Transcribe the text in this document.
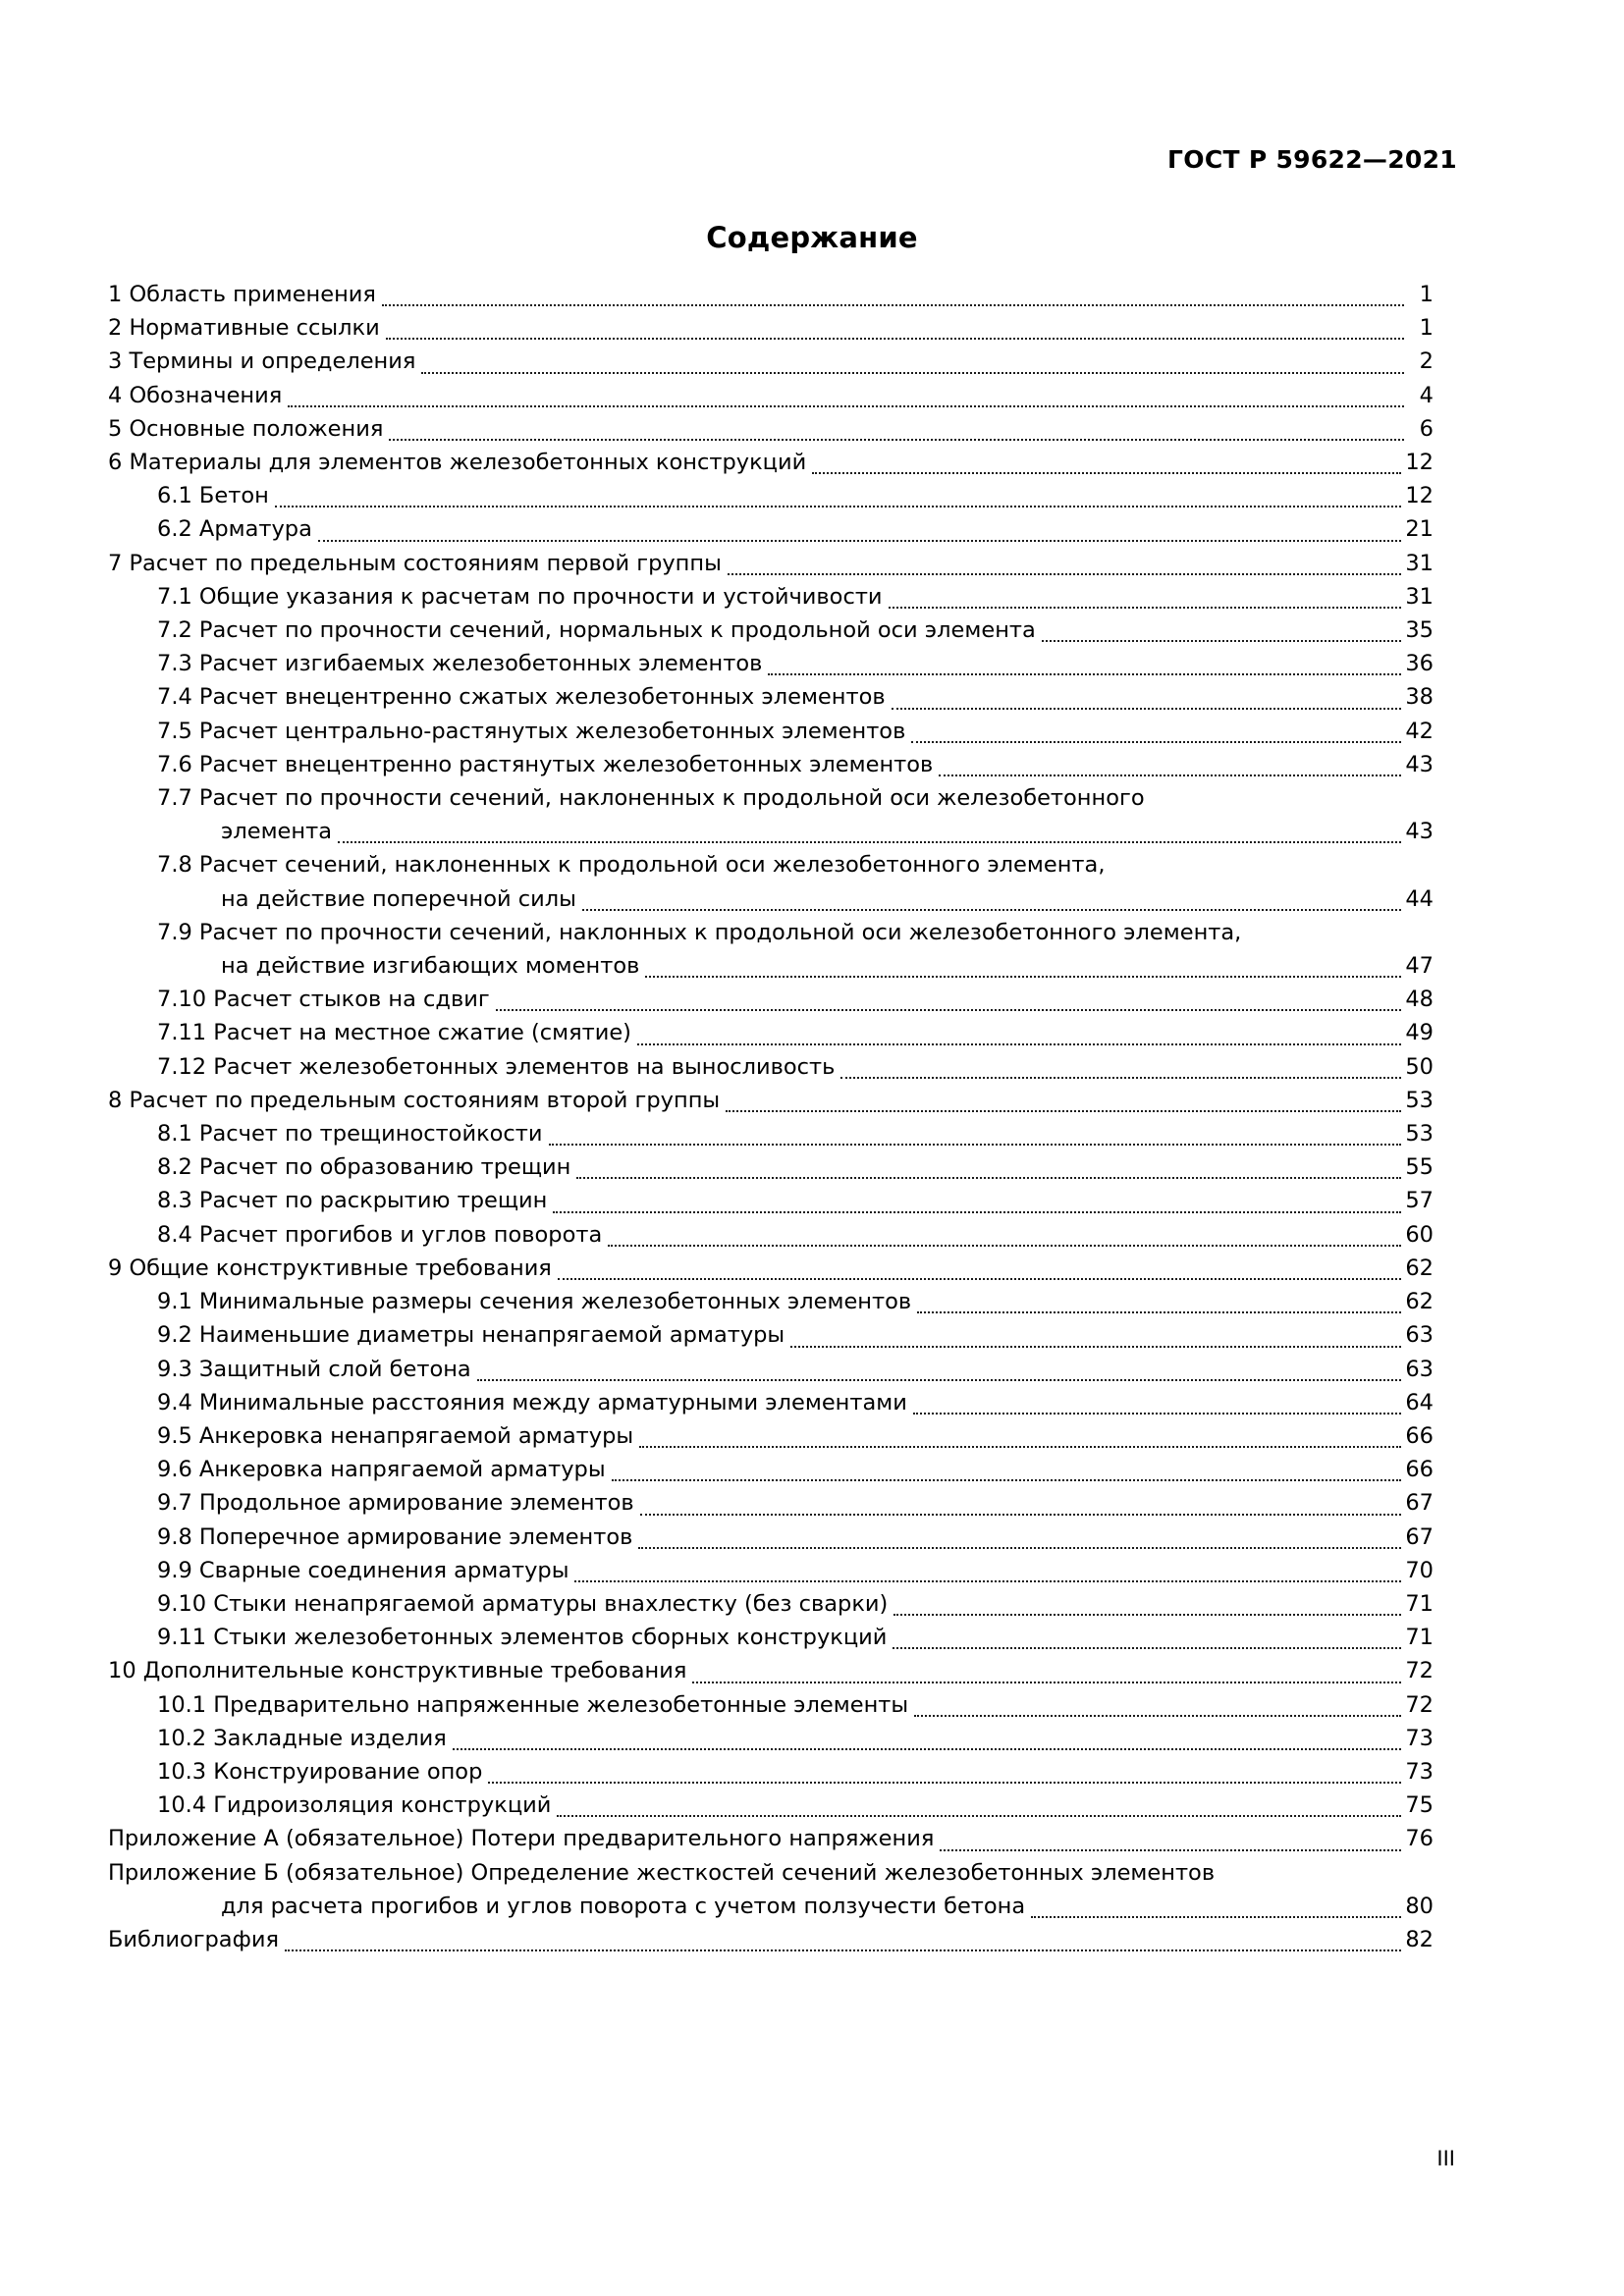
ГОСТ Р 59622—2021
Содержание
1 Область применения	1
2 Нормативные ссылки	1
3 Термины и определения	2
4 Обозначения	4
5 Основные положения	6
6 Материалы для элементов железобетонных конструкций	12
6.1 Бетон	12
6.2 Арматура	21
7 Расчет по предельным состояниям первой группы	31
7.1 Общие указания к расчетам по прочности и устойчивости	31
7.2 Расчет по прочности сечений, нормальных к продольной оси элемента	35
7.3 Расчет изгибаемых железобетонных элементов	36
7.4 Расчет внецентренно сжатых железобетонных элементов	38
7.5 Расчет центрально-растянутых железобетонных элементов	42
7.6 Расчет внецентренно растянутых железобетонных элементов	43
7.7 Расчет по прочности сечений, наклоненных к продольной оси железобетонного
элемента	43
7.8 Расчет сечений, наклоненных к продольной оси железобетонного элемента,
на действие поперечной силы	44
7.9 Расчет по прочности сечений, наклонных к продольной оси железобетонного элемента,
на действие изгибающих моментов	47
7.10 Расчет стыков на сдвиг	48
7.11 Расчет на местное сжатие (смятие)	49
7.12 Расчет железобетонных элементов на выносливость	50
8 Расчет по предельным состояниям второй группы	53
8.1 Расчет по трещиностойкости	53
8.2 Расчет по образованию трещин	55
8.3 Расчет по раскрытию трещин	57
8.4 Расчет прогибов и углов поворота	60
9 Общие конструктивные требования	62
9.1 Минимальные размеры сечения железобетонных элементов	62
9.2 Наименьшие диаметры ненапрягаемой арматуры	63
9.3 Защитный слой бетона	63
9.4 Минимальные расстояния между арматурными элементами	64
9.5 Анкеровка ненапрягаемой арматуры	66
9.6 Анкеровка напрягаемой арматуры	66
9.7 Продольное армирование элементов	67
9.8 Поперечное армирование элементов	67
9.9 Сварные соединения арматуры	70
9.10 Стыки ненапрягаемой арматуры внахлестку (без сварки)	71
9.11 Стыки железобетонных элементов сборных конструкций	71
10 Дополнительные конструктивные требования	72
10.1 Предварительно напряженные железобетонные элементы	72
10.2 Закладные изделия	73
10.3 Конструирование опор	73
10.4 Гидроизоляция конструкций	75
Приложение А (обязательное) Потери предварительного напряжения	76
Приложение Б (обязательное) Определение жесткостей сечений железобетонных элементов
для расчета прогибов и углов поворота с учетом ползучести бетона	80
Библиография	82
III
